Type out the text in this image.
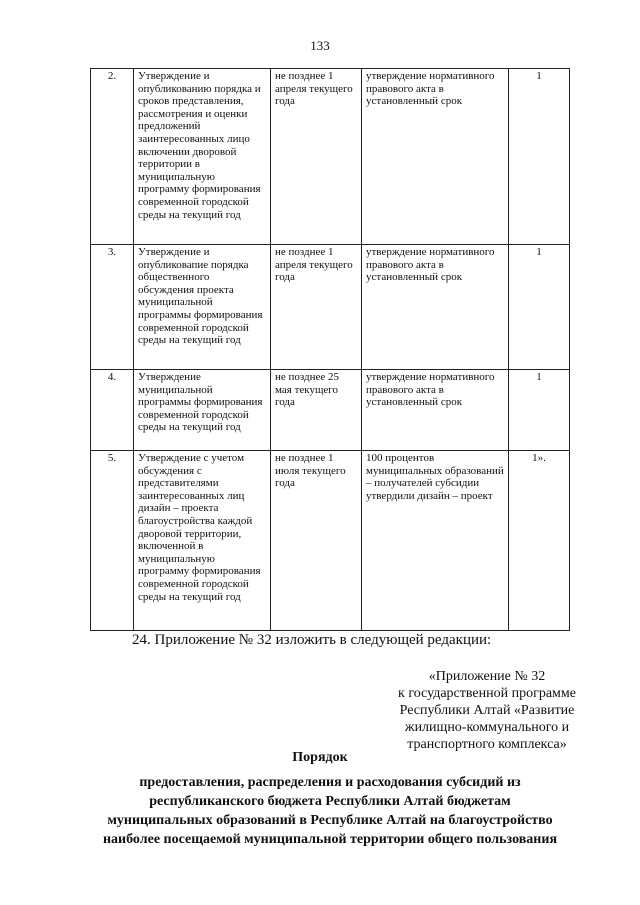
133
2.	Утверждение и опубликованию порядка и сроков представления, рассмотрения и оценки предложений заинтересованных лицо включении дворовой территории в муниципальную программу формирования современной городской среды на текущий год	не позднее 1 апреля текущего года	утверждение нормативного правового акта в установленный срок	1
3.	Утверждение и опубликовапие порядка общественного обсуждения проекта муниципальной программы формирования современной городской среды на текущий год	не позднее 1 апреля текущего года	утверждение нормативного правового акта в установленный срок	1
4.	Утверждение муниципальной программы формирования современной городской среды на текущий год	не позднее 25 мая текущего года	утверждение нормативного правового акта в установленный срок	1
5.	Утверждение с учетом обсуждения с представителями заинтересованных лиц дизайн – проекта благоустройства каждой дворовой территории, включенной в муниципальную программу формирования современной городской среды на текущий год	не позднее 1 июля текущего года	100 процентов муниципальных образований – получателей субсидии утвердили дизайн – проект	1».
24. Приложение № 32 изложить в следующей редакции:
«Приложение № 32
к государственной программе
Республики Алтай «Развитие
жилищно-коммунального и
транспортного комплекса»
Порядок
предоставления, распределения и расходования субсидий из
республиканского бюджета Республики Алтай бюджетам
муниципальных образований в Республике Алтай на благоустройство
наиболее посещаемой муниципальной территории общего пользования
